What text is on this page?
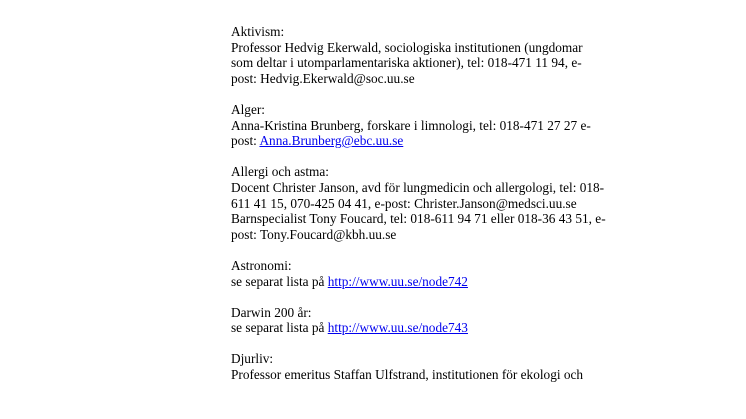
Aktivism:
Professor Hedvig Ekerwald, sociologiska institutionen (ungdomar
som deltar i utomparlamentariska aktioner), tel: 018-471 11 94, e-
post: Hedvig.Ekerwald@soc.uu.se
Alger:
Anna-Kristina Brunberg, forskare i limnologi, tel: 018-471 27 27 e-
post: Anna.Brunberg@ebc.uu.se
Allergi och astma:
Docent Christer Janson, avd för lungmedicin och allergologi, tel: 018-
611 41 15, 070-425 04 41, e-post: Christer.Janson@medsci.uu.se
Barnspecialist Tony Foucard, tel: 018-611 94 71 eller 018-36 43 51, e-
post: Tony.Foucard@kbh.uu.se
Astronomi:
se separat lista på http://www.uu.se/node742
Darwin 200 år:
se separat lista på http://www.uu.se/node743
Djurliv:
Professor emeritus Staffan Ulfstrand, institutionen för ekologi och
